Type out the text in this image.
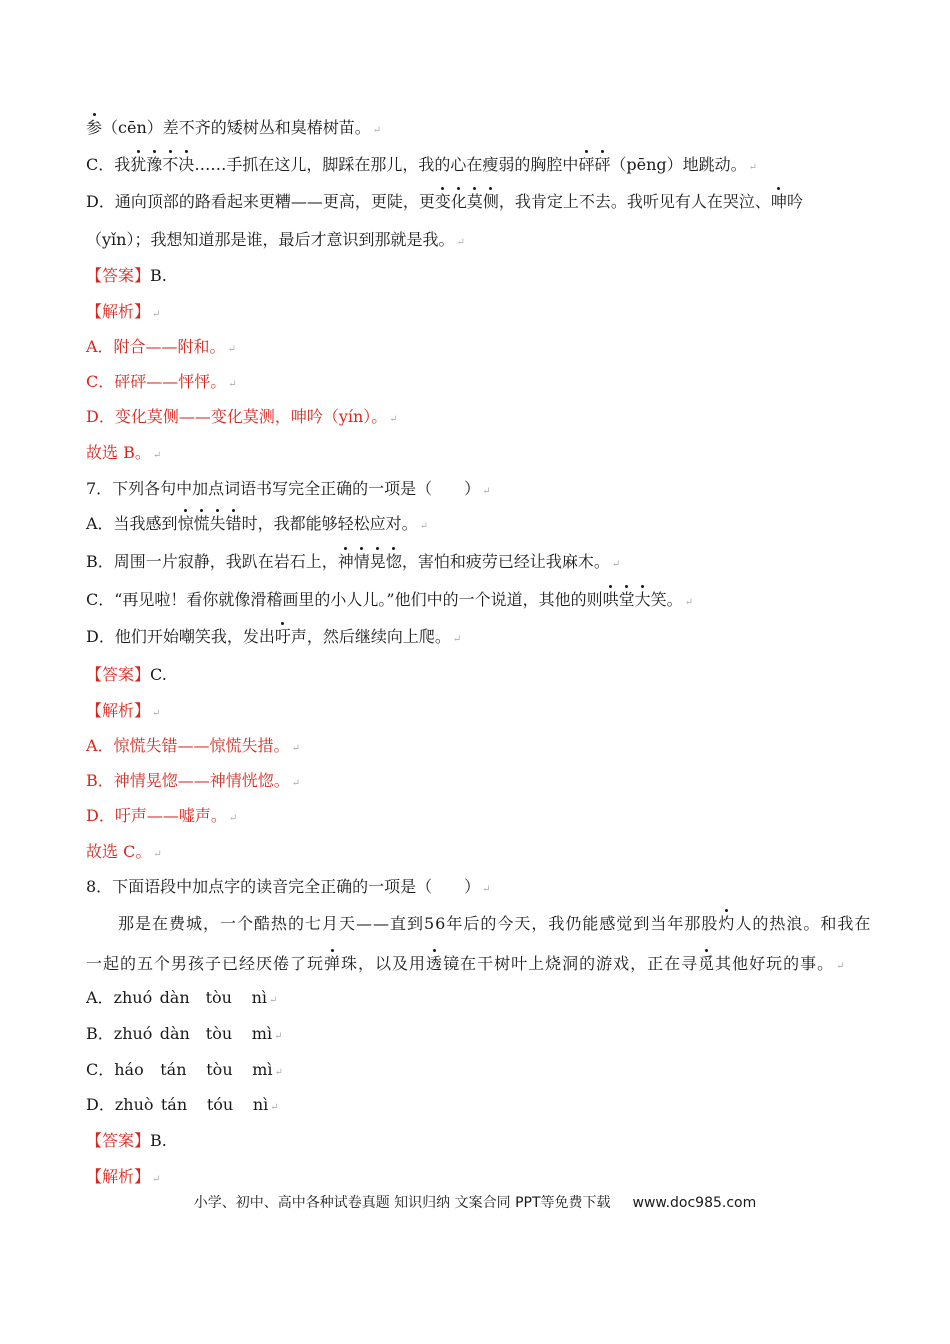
参（cēn）差不齐的矮树丛和臭椿树苗。 ↵
C．我犹豫不决……手抓在这儿，脚踩在那儿，我的心在瘦弱的胸腔中砰砰（pēng）地跳动。 ↵
D．通向顶部的路看起来更糟——更高，更陡，更变化莫侧，我肯定上不去。我听见有人在哭泣、呻吟
（yǐn）；我想知道那是谁，最后才意识到那就是我。 ↵
【答案】B.
【解析】 ↵
A．附合——附和。 ↵
C．砰砰——怦怦。 ↵
D．变化莫侧——变化莫测，呻吟（yín）。 ↵
故选 B。 ↵
7．下列各句中加点词语书写完全正确的一项是（　　） ↵
A．当我感到惊慌失错时，我都能够轻松应对。 ↵
B．周围一片寂静，我趴在岩石上，神情晃惚，害怕和疲劳已经让我麻木。 ↵
C．“再见啦！看你就像滑稽画里的小人儿。”他们中的一个说道，其他的则哄堂大笑。 ↵
D．他们开始嘲笑我，发出吁声，然后继续向上爬。 ↵
【答案】C.
【解析】 ↵
A．惊慌失错——惊慌失措。 ↵
B．神情晃惚——神情恍惚。 ↵
D．吁声——嘘声。 ↵
故选 C。 ↵
8．下面语段中加点字的读音完全正确的一项是（　　） ↵
那是在费城，一个酷热的七月天——直到56年后的今天，我仍能感觉到当年那股灼人的热浪。和我在
一起的五个男孩子已经厌倦了玩弹珠，以及用透镜在干树叶上烧洞的游戏，正在寻觅其他好玩的事。 ↵
A．zhuó dàn tòu nì ↵
B．zhuó dàn tòu mì ↵
C．háo tán tòu mì ↵
D．zhuò tán tóu nì ↵
【答案】B.
【解析】 ↵
小学、初中、高中各种试卷真题 知识归纳 文案合同 PPT等免费下载 www.doc985.com
